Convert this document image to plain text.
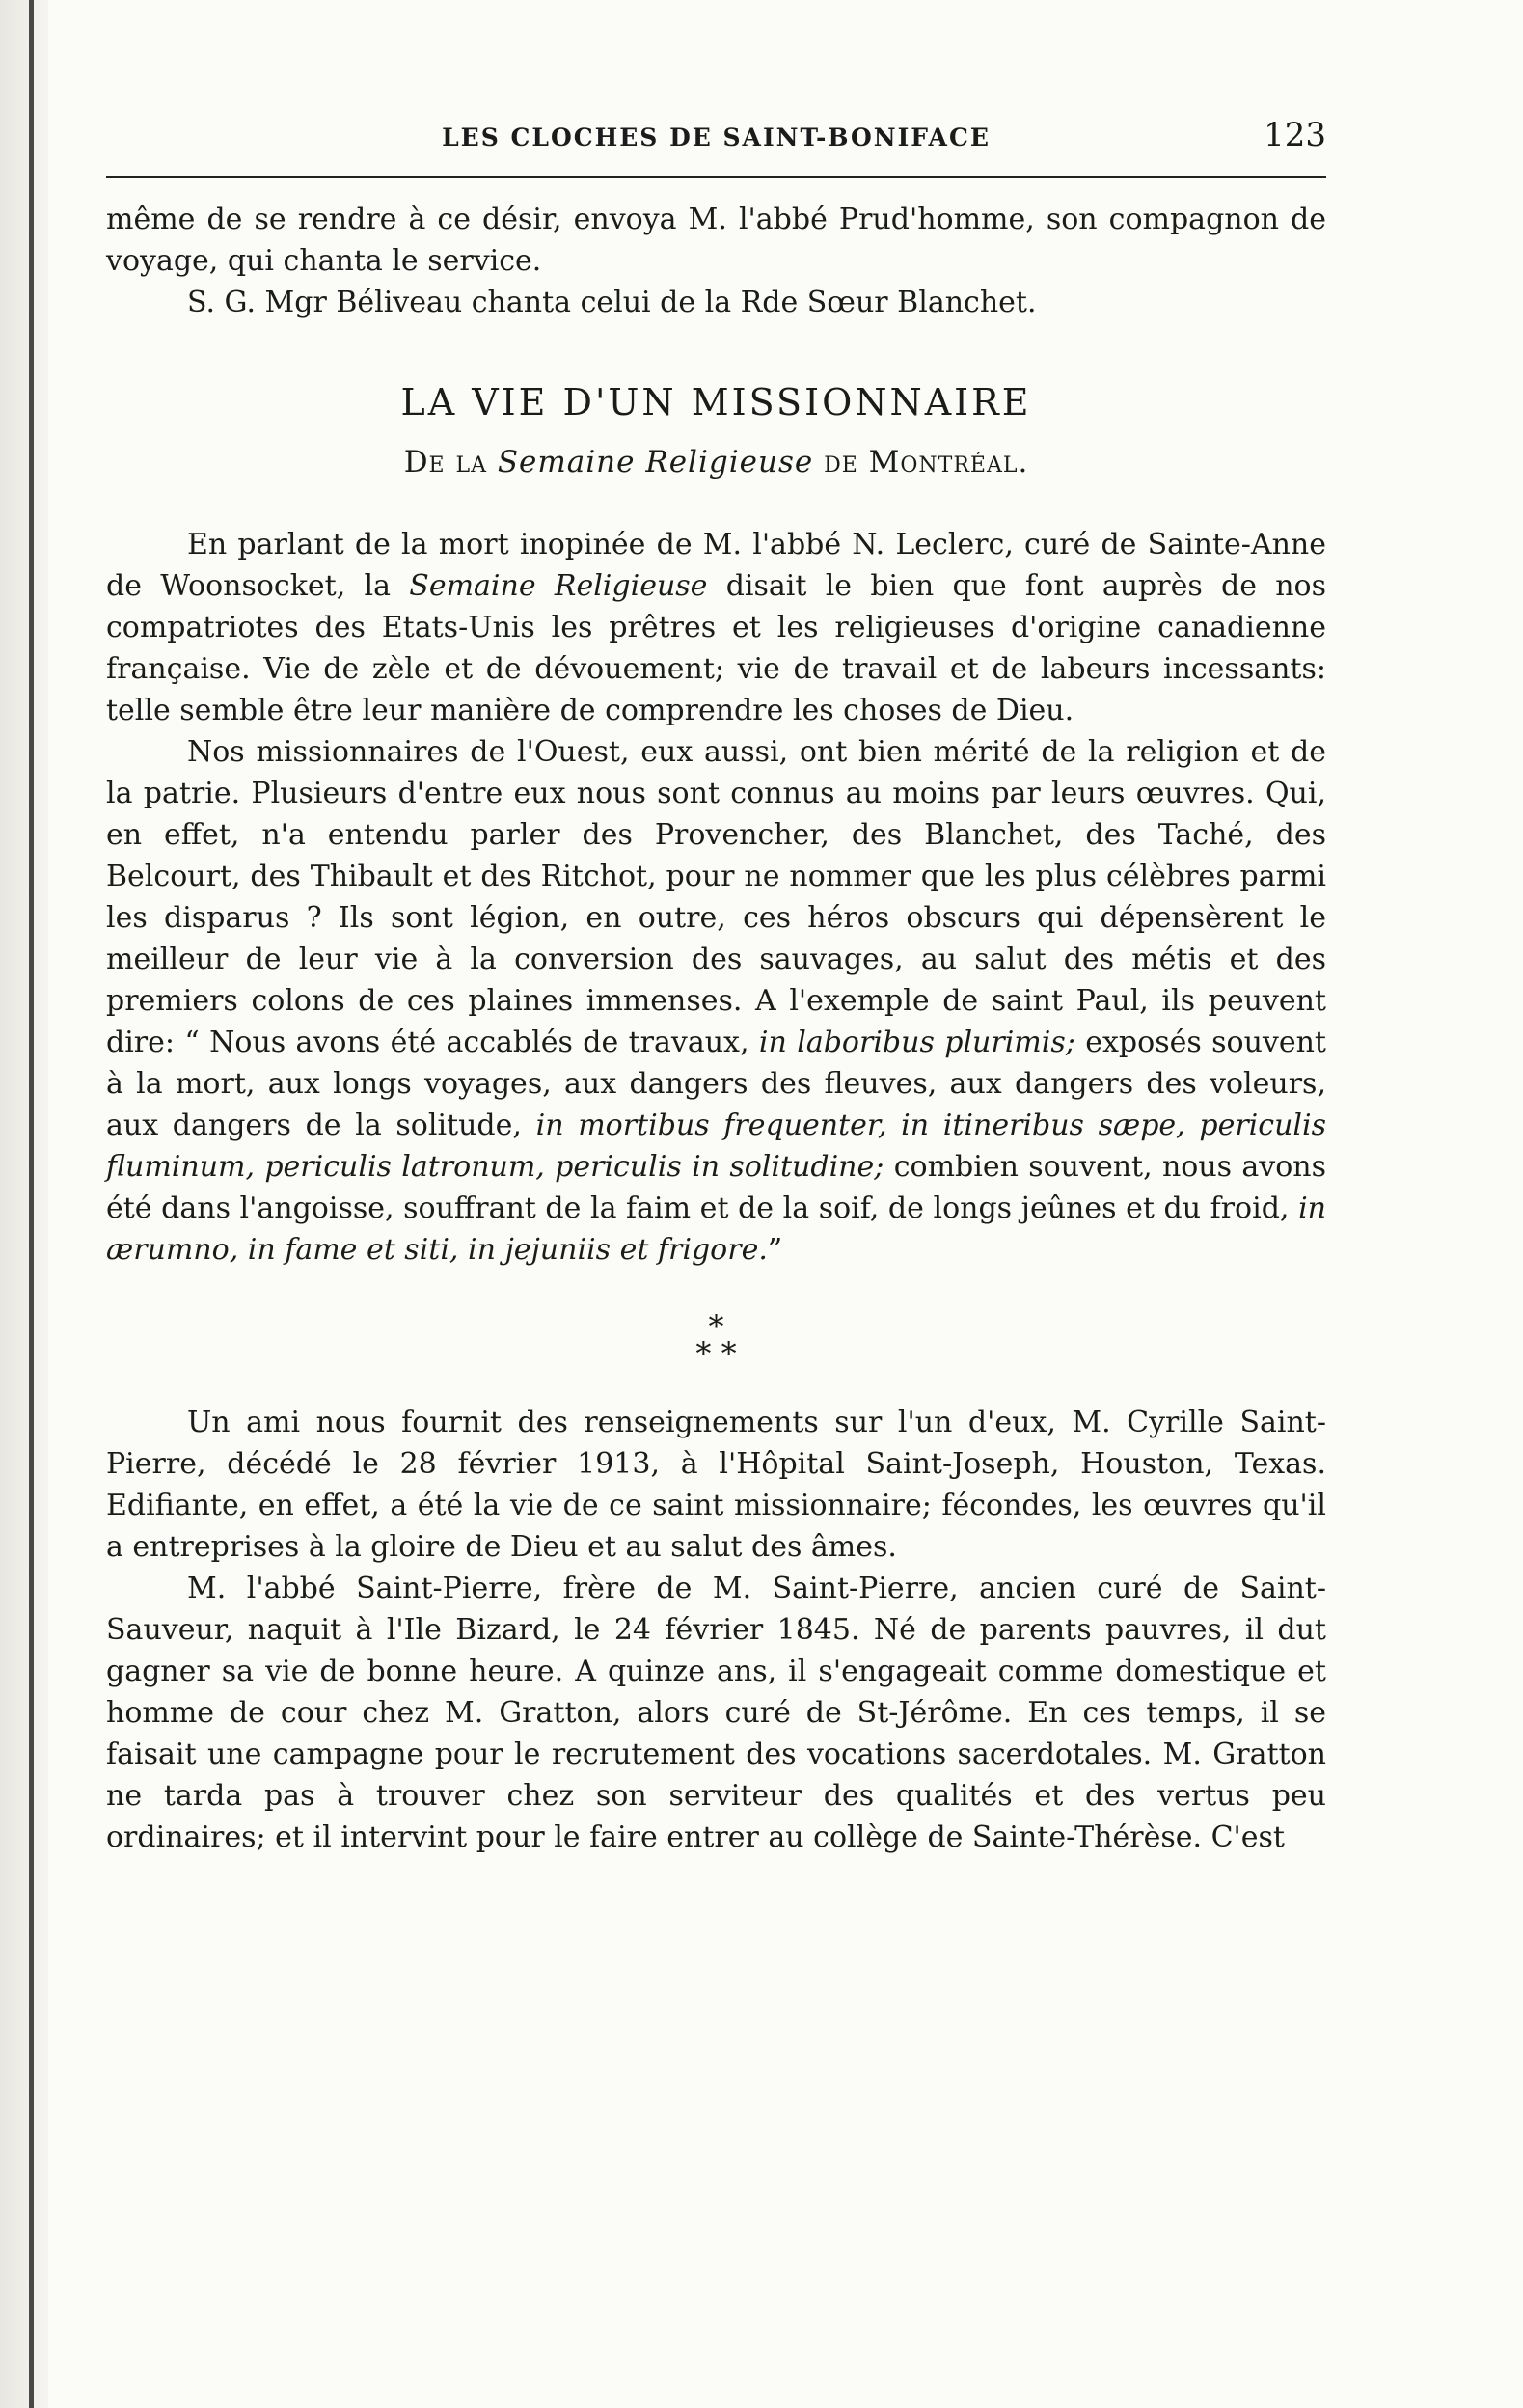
LES CLOCHES DE SAINT-BONIFACE	123

même de se rendre à ce désir, envoya M. l'abbé Prud'homme, son compagnon de voyage, qui chanta le service.

S. G. Mgr Béliveau chanta celui de la Rde Sœur Blanchet.

LA VIE D'UN MISSIONNAIRE
De la Semaine Religieuse de Montréal.

En parlant de la mort inopinée de M. l'abbé N. Leclerc, curé de Sainte-Anne de Woonsocket, la Semaine Religieuse disait le bien que font auprès de nos compatriotes des Etats-Unis les prêtres et les religieuses d'origine canadienne française. Vie de zèle et de dévouement; vie de travail et de labeurs incessants: telle semble être leur manière de comprendre les choses de Dieu.

Nos missionnaires de l'Ouest, eux aussi, ont bien mérité de la religion et de la patrie. Plusieurs d'entre eux nous sont connus au moins par leurs œuvres. Qui, en effet, n'a entendu parler des Provencher, des Blanchet, des Taché, des Belcourt, des Thibault et des Ritchot, pour ne nommer que les plus célèbres parmi les disparus ? Ils sont légion, en outre, ces héros obscurs qui dépensèrent le meilleur de leur vie à la conversion des sauvages, au salut des métis et des premiers colons de ces plaines immenses. A l'exemple de saint Paul, ils peuvent dire: “ Nous avons été accablés de travaux, in laboribus plurimis; exposés souvent à la mort, aux longs voyages, aux dangers des fleuves, aux dangers des voleurs, aux dangers de la solitude, in mortibus frequenter, in itineribus sæpe, periculis fluminum, periculis latronum, periculis in solitudine; combien souvent, nous avons été dans l'angoisse, souffrant de la faim et de la soif, de longs jeûnes et du froid, in ærumno, in fame et siti, in jejuniis et frigore.”

*
* *

Un ami nous fournit des renseignements sur l'un d'eux, M. Cyrille Saint-Pierre, décédé le 28 février 1913, à l'Hôpital Saint-Joseph, Houston, Texas. Edifiante, en effet, a été la vie de ce saint missionnaire; fécondes, les œuvres qu'il a entreprises à la gloire de Dieu et au salut des âmes.

M. l'abbé Saint-Pierre, frère de M. Saint-Pierre, ancien curé de Saint-Sauveur, naquit à l'Ile Bizard, le 24 février 1845. Né de parents pauvres, il dut gagner sa vie de bonne heure. A quinze ans, il s'engageait comme domestique et homme de cour chez M. Gratton, alors curé de St-Jérôme. En ces temps, il se faisait une campagne pour le recrutement des vocations sacerdotales. M. Gratton ne tarda pas à trouver chez son serviteur des qualités et des vertus peu ordinaires; et il intervint pour le faire entrer au collège de Sainte-Thérèse. C'est
